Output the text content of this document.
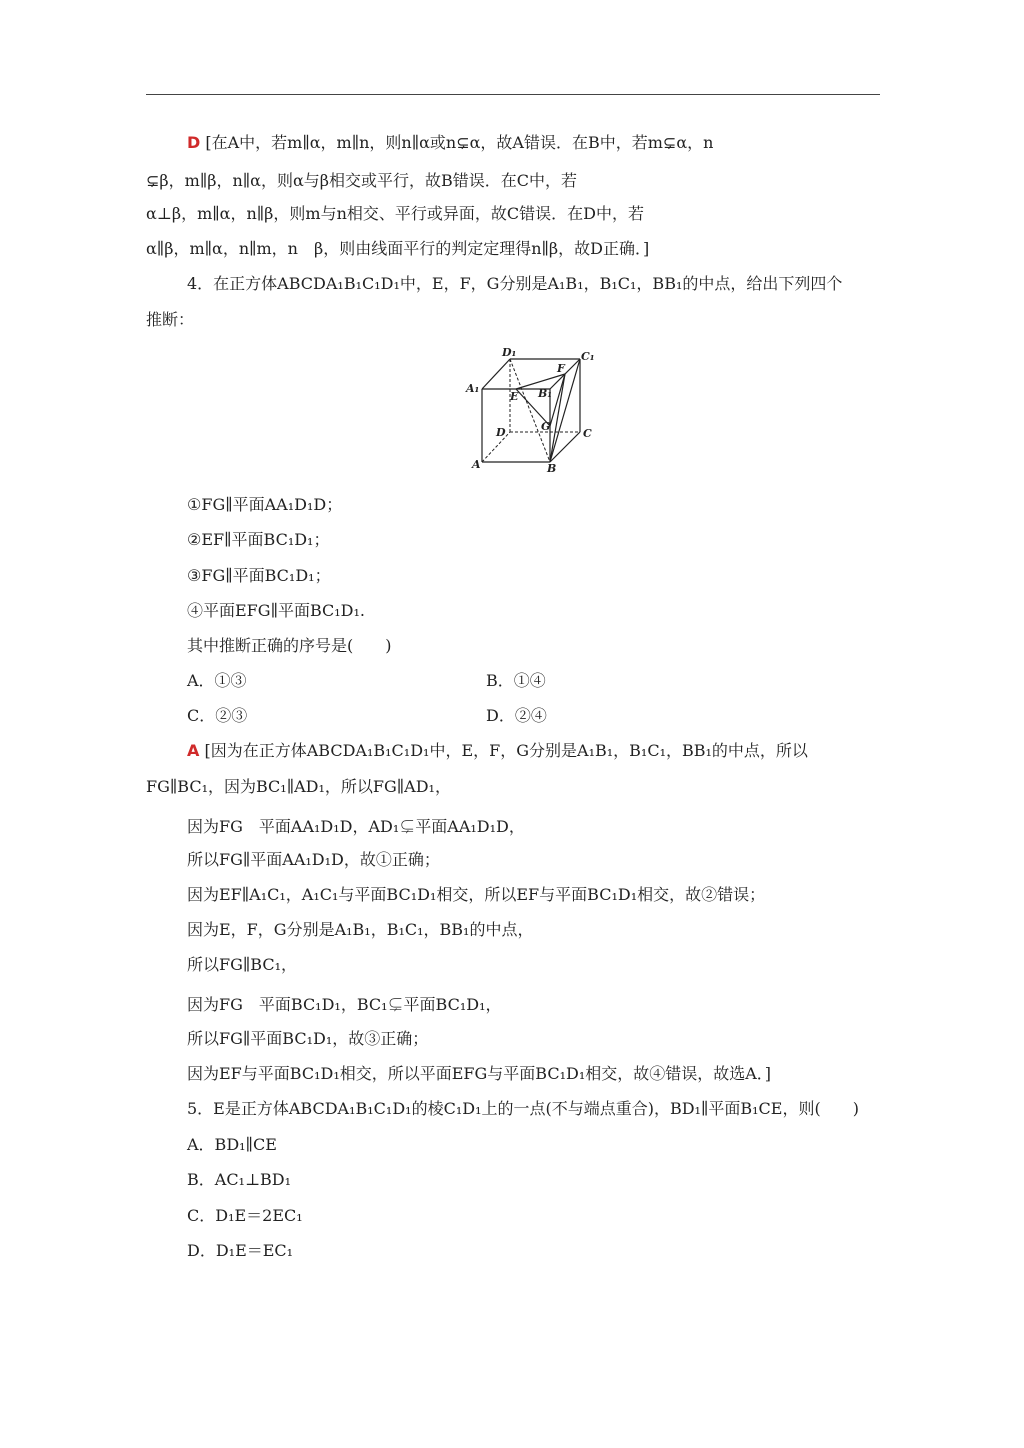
D [在A中，若m∥α，m∥n，则n∥α或n⊊α，故A错误．在B中，若m⊊α，n
⊊β，m∥β，n∥α，则α与β相交或平行，故B错误．在C中，若
α⊥β，m∥α，n∥β，则m与n相交、平行或异面，故C错误．在D中，若
α∥β，m∥α，n∥m，n　β，则由线面平行的判定定理得n∥β，故D正确．]
4．在正方体ABCDA₁B₁C₁D₁中，E，F，G分别是A₁B₁，B₁C₁，BB₁的中点，给出下列四个
推断：
D₁	C₁
A₁	B₁
E
F
G
D	C
A	B
①FG∥平面AA₁D₁D；
②EF∥平面BC₁D₁；
③FG∥平面BC₁D₁；
④平面EFG∥平面BC₁D₁.
其中推断正确的序号是(　　)
A．①③	B．①④
C．②③	D．②④
A [因为在正方体ABCDA₁B₁C₁D₁中，E，F，G分别是A₁B₁，B₁C₁，BB₁的中点，所以
FG∥BC₁，因为BC₁∥AD₁，所以FG∥AD₁，
因为FG　平面AA₁D₁D，AD₁⊊平面AA₁D₁D，
所以FG∥平面AA₁D₁D，故①正确；
因为EF∥A₁C₁，A₁C₁与平面BC₁D₁相交，所以EF与平面BC₁D₁相交，故②错误；
因为E，F，G分别是A₁B₁，B₁C₁，BB₁的中点，
所以FG∥BC₁，
因为FG　平面BC₁D₁，BC₁⊊平面BC₁D₁，
所以FG∥平面BC₁D₁，故③正确；
因为EF与平面BC₁D₁相交，所以平面EFG与平面BC₁D₁相交，故④错误，故选A．]
5．E是正方体ABCDA₁B₁C₁D₁的棱C₁D₁上的一点(不与端点重合)，BD₁∥平面B₁CE，则(　　)
A．BD₁∥CE
B．AC₁⊥BD₁
C．D₁E＝2EC₁
D．D₁E＝EC₁
